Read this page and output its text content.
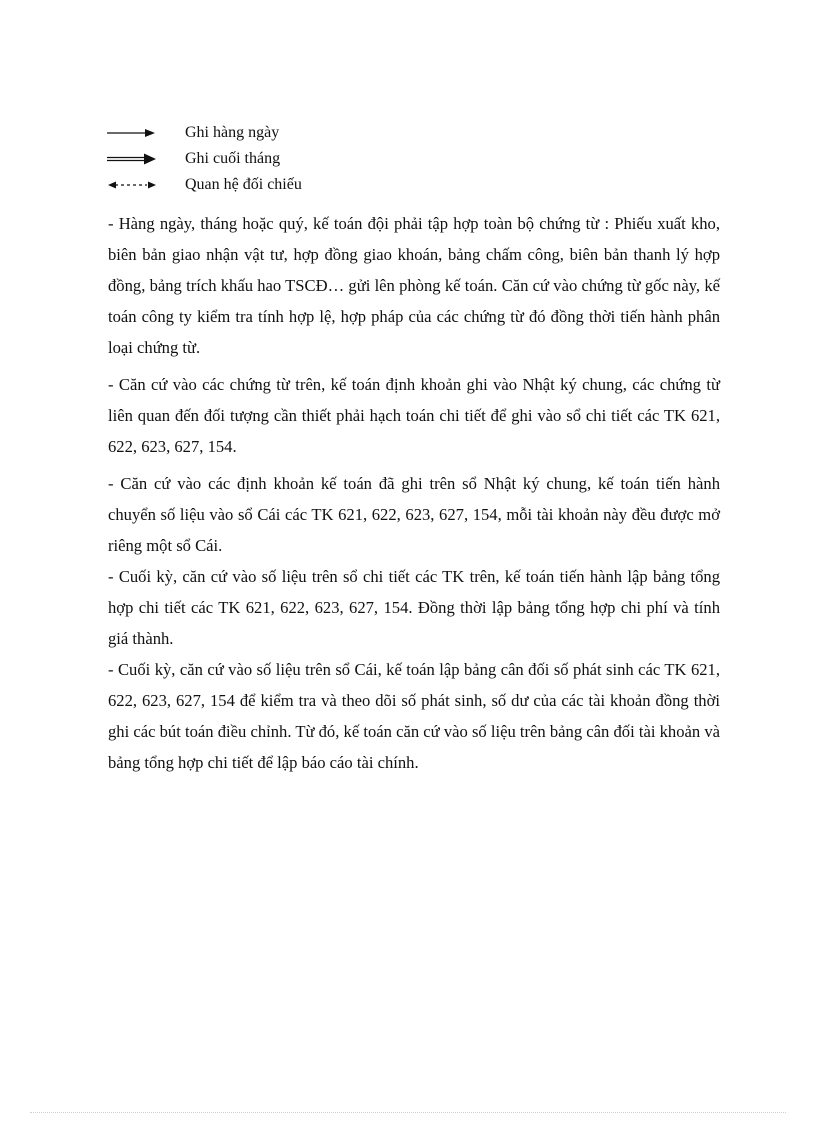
Ghi hàng ngày
Ghi cuối tháng
Quan hệ đối chiếu

- Hàng ngày, tháng hoặc quý, kế toán đội phải tập hợp toàn bộ chứng từ : Phiếu xuất kho, biên bản giao nhận vật tư, hợp đồng giao khoán, bảng chấm công, biên bản thanh lý hợp đồng, bảng trích khấu hao TSCĐ… gửi lên phòng kế toán. Căn cứ vào chứng từ gốc này, kế toán công ty kiểm tra tính hợp lệ, hợp pháp của các chứng từ đó đồng thời tiến hành phân loại chứng từ.

- Căn cứ vào các chứng từ trên, kế toán định khoản ghi vào Nhật ký chung, các chứng từ liên quan đến đối tượng cần thiết phải hạch toán chi tiết để ghi vào sổ chi tiết các TK 621, 622, 623, 627, 154.

- Căn cứ vào các định khoản kế toán đã ghi trên sổ Nhật ký chung, kế toán tiến hành chuyển số liệu vào sổ Cái các TK 621, 622, 623, 627, 154, mỗi tài khoản này đều được mở riêng một sổ Cái.

- Cuối kỳ, căn cứ vào số liệu trên sổ chi tiết các TK trên, kế toán tiến hành lập bảng tổng hợp chi tiết các TK 621, 622, 623, 627, 154. Đồng thời lập bảng tổng hợp chi phí và tính giá thành.

- Cuối kỳ, căn cứ vào số liệu trên sổ Cái, kế toán lập bảng cân đối số phát sinh các TK 621, 622, 623, 627, 154 để kiểm tra và theo dõi số phát sinh, số dư của các tài khoản đồng thời ghi các bút toán điều chỉnh. Từ đó, kế toán căn cứ vào số liệu trên bảng cân đối tài khoản và bảng tổng hợp chi tiết để lập báo cáo tài chính.
